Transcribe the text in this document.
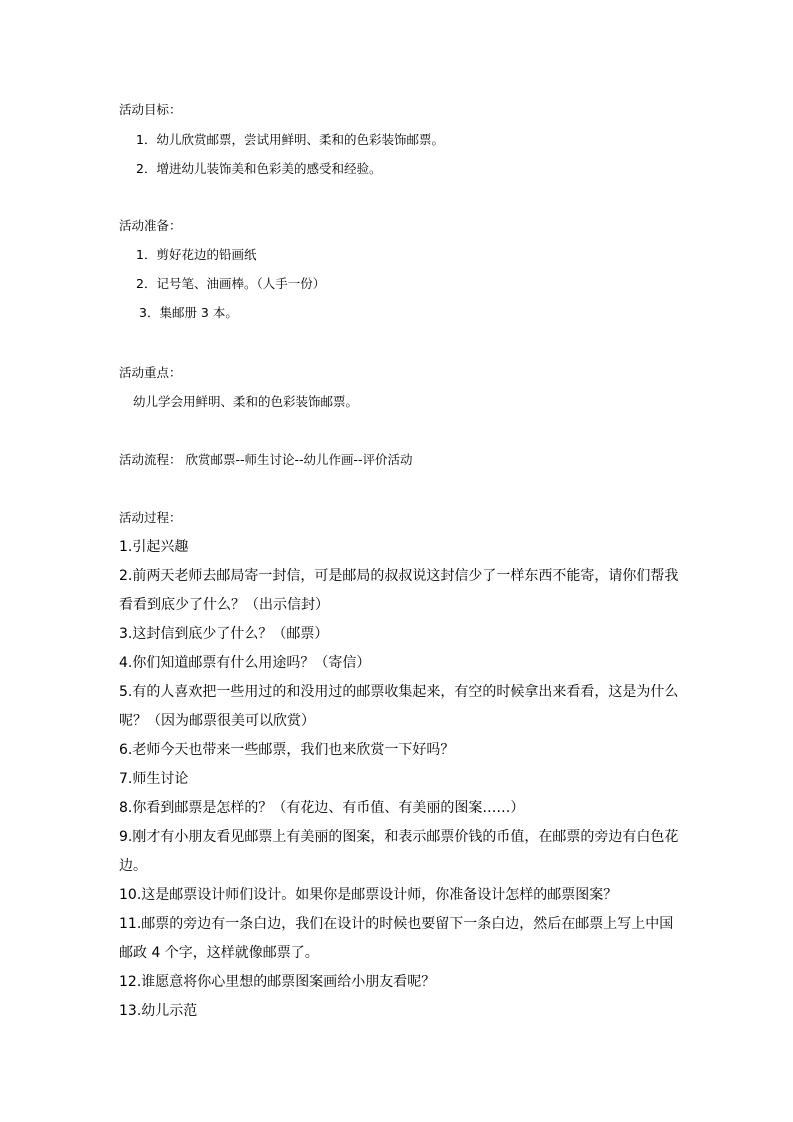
活动目标：
1．幼儿欣赏邮票，尝试用鲜明、柔和的色彩装饰邮票。
2．增进幼儿装饰美和色彩美的感受和经验。
活动准备：
1．剪好花边的铅画纸
2．记号笔、油画棒。（人手一份）
3．集邮册 3 本。
活动重点：
幼儿学会用鲜明、柔和的色彩装饰邮票。
活动流程： 欣赏邮票--师生讨论--幼儿作画--评价活动
活动过程：
1.引起兴趣
2.前两天老师去邮局寄一封信，可是邮局的叔叔说这封信少了一样东西不能寄，请你们帮我
看看到底少了什么？（出示信封）
3.这封信到底少了什么？（邮票）
4.你们知道邮票有什么用途吗？（寄信）
5.有的人喜欢把一些用过的和没用过的邮票收集起来，有空的时候拿出来看看，这是为什么
呢？（因为邮票很美可以欣赏）
6.老师今天也带来一些邮票，我们也来欣赏一下好吗？
7.师生讨论
8.你看到邮票是怎样的？（有花边、有币值、有美丽的图案……）
9.刚才有小朋友看见邮票上有美丽的图案，和表示邮票价钱的币值，在邮票的旁边有白色花
边。
10.这是邮票设计师们设计。如果你是邮票设计师，你准备设计怎样的邮票图案？
11.邮票的旁边有一条白边，我们在设计的时候也要留下一条白边，然后在邮票上写上中国
邮政 4 个字，这样就像邮票了。
12.谁愿意将你心里想的邮票图案画给小朋友看呢？
13.幼儿示范
